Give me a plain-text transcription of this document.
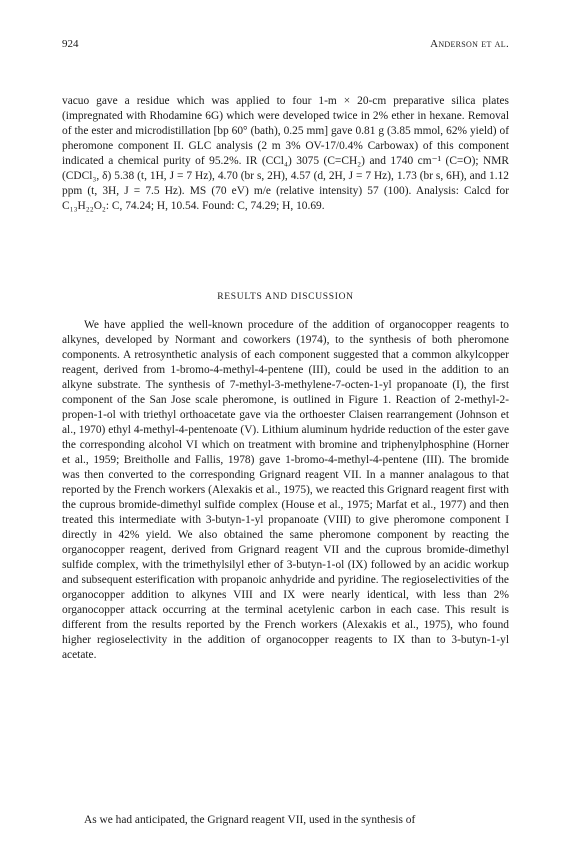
924	Anderson et al.

vacuo gave a residue which was applied to four 1-m × 20-cm preparative silica plates (impregnated with Rhodamine 6G) which were developed twice in 2% ether in hexane. Removal of the ester and microdistillation [bp 60° (bath), 0.25 mm] gave 0.81 g (3.85 mmol, 62% yield) of pheromone component II. GLC analysis (2 m 3% OV-17/0.4% Carbowax) of this component indicated a chemical purity of 95.2%. IR (CCl₄) 3075 (C=CH₂) and 1740 cm⁻¹ (C=O); NMR (CDCl₃, δ) 5.38 (t, 1H, J = 7 Hz), 4.70 (br s, 2H), 4.57 (d, 2H, J = 7 Hz), 1.73 (br s, 6H), and 1.12 ppm (t, 3H, J = 7.5 Hz). MS (70 eV) m/e (relative intensity) 57 (100). Analysis: Calcd for C₁₃H₂₂O₂: C, 74.24; H, 10.54. Found: C, 74.29; H, 10.69.

RESULTS AND DISCUSSION

We have applied the well-known procedure of the addition of organocopper reagents to alkynes, developed by Normant and coworkers (1974), to the synthesis of both pheromone components. A retrosynthetic analysis of each component suggested that a common alkylcopper reagent, derived from 1-bromo-4-methyl-4-pentene (III), could be used in the addition to an alkyne substrate. The synthesis of 7-methyl-3-methylene-7-octen-1-yl propanoate (I), the first component of the San Jose scale pheromone, is outlined in Figure 1. Reaction of 2-methyl-2-propen-1-ol with triethyl orthoacetate gave via the orthoester Claisen rearrangement (Johnson et al., 1970) ethyl 4-methyl-4-pentenoate (V). Lithium aluminum hydride reduction of the ester gave the corresponding alcohol VI which on treatment with bromine and triphenylphosphine (Horner et al., 1959; Breitholle and Fallis, 1978) gave 1-bromo-4-methyl-4-pentene (III). The bromide was then converted to the corresponding Grignard reagent VII. In a manner analagous to that reported by the French workers (Alexakis et al., 1975), we reacted this Grignard reagent first with the cuprous bromide-dimethyl sulfide complex (House et al., 1975; Marfat et al., 1977) and then treated this intermediate with 3-butyn-1-yl propanoate (VIII) to give pheromone component I directly in 42% yield. We also obtained the same pheromone component by reacting the organocopper reagent, derived from Grignard reagent VII and the cuprous bromide-dimethyl sulfide complex, with the trimethylsilyl ether of 3-butyn-1-ol (IX) followed by an acidic workup and subsequent esterification with propanoic anhydride and pyridine. The regioselectivities of the organocopper addition to alkynes VIII and IX were nearly identical, with less than 2% organocopper attack occurring at the terminal acetylenic carbon in each case. This result is different from the results reported by the French workers (Alexakis et al., 1975), who found higher regioselectivity in the addition of organocopper reagents to IX than to 3-butyn-1-yl acetate.

As we had anticipated, the Grignard reagent VII, used in the synthesis of
